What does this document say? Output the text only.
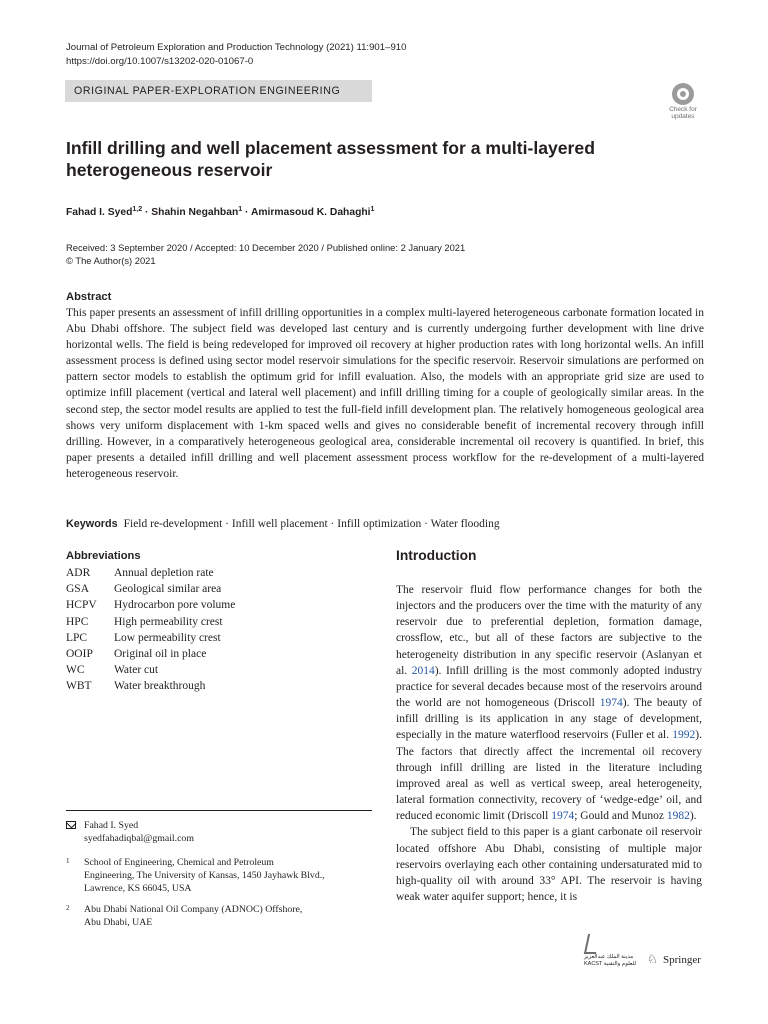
Journal of Petroleum Exploration and Production Technology (2021) 11:901–910
https://doi.org/10.1007/s13202-020-01067-0
ORIGINAL PAPER-EXPLORATION ENGINEERING
Check for
updates
Infill drilling and well placement assessment for a multi-layered
heterogeneous reservoir
Fahad I. Syed$^{1,2}$ · Shahin Negahban$^1$ · Amirmasoud K. Dahaghi$^1$
Received: 3 September 2020 / Accepted: 10 December 2020 / Published online: 2 January 2021
© The Author(s) 2021
Abstract
This paper presents an assessment of infill drilling opportunities in a complex multi-layered heterogeneous carbonate formation located in Abu Dhabi offshore. The subject field was developed last century and is currently undergoing further development with line drive horizontal wells. The field is being redeveloped for improved oil recovery at higher production rates with long horizontal wells. An infill assessment process is defined using sector model reservoir simulations for the specific reservoir. Reservoir simulations are performed on pattern sector models to establish the optimum grid for infill evaluation. Also, the models with an appropriate grid size are used to optimize infill placement (vertical and lateral well placement) and infill drilling timing for a couple of geologically similar areas. In the second step, the sector model results are applied to test the full-field infill development plan. The relatively homogeneous geological area shows very uniform displacement with 1-km spaced wells and gives no considerable benefit of incremental recovery through infill drilling. However, in a comparatively heterogeneous geological area, considerable incremental oil recovery is quantified. In brief, this paper presents a detailed infill drilling and well placement assessment process workflow for the re-development of a multi-layered heterogeneous reservoir.
Keywords Field re-development · Infill well placement · Infill optimization · Water flooding
Abbreviations
ADR	Annual depletion rate
GSA	Geological similar area
HCPV	Hydrocarbon pore volume
HPC	High permeability crest
LPC	Low permeability crest
OOIP	Original oil in place
WC	Water cut
WBT	Water breakthrough
Fahad I. Syed
syedfahadiqbal@gmail.com
1 School of Engineering, Chemical and Petroleum
Engineering, The University of Kansas, 1450 Jayhawk Blvd.,
Lawrence, KS 66045, USA
2 Abu Dhabi National Oil Company (ADNOC) Offshore,
Abu Dhabi, UAE
Introduction

The reservoir fluid flow performance changes for both the injectors and the producers over the time with the maturity of any reservoir due to preferential depletion, formation damage, crossflow, etc., but all of these factors are subjective to the heterogeneity distribution in any specific reservoir (Aslanyan et al. 2014). Infill drilling is the most commonly adopted industry practice for several decades because most of the reservoirs around the world are not homogeneous (Driscoll 1974). The beauty of infill drilling is its application in any stage of development, especially in the mature waterflood reservoirs (Fuller et al. 1992). The factors that directly affect the incremental oil recovery through infill drilling are listed in the literature including improved areal as well as vertical sweep, areal heterogeneity, lateral formation connectivity, recovery of ‘wedge-edge’ oil, and reduced economic limit (Driscoll 1974; Gould and Munoz 1982).

The subject field to this paper is a giant carbonate oil reservoir located offshore Abu Dhabi, consisting of multiple major reservoirs overlaying each other containing undersaturated mid to high-quality oil with around 33° API. The reservoir is having weak water aquifer support; hence, it is

مدينة الملك عبدالعزيز
KACST للعلوم والتقنية ♘ Springer
